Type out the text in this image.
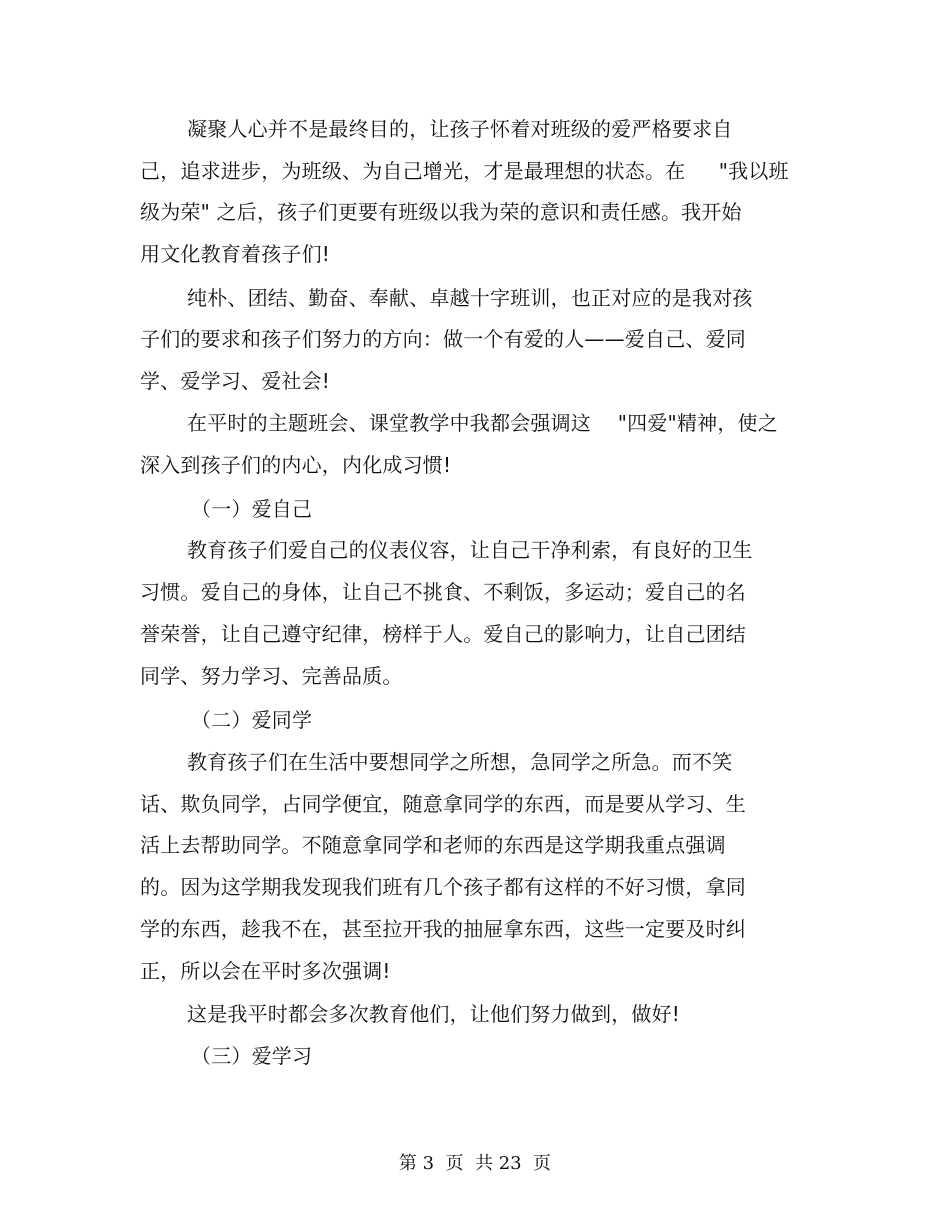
凝聚人心并不是最终目的，让孩子怀着对班级的爱严格要求自
己，追求进步，为班级、为自己增光，才是最理想的状态。在 　 "我以班
级为荣" 之后，孩子们更要有班级以我为荣的意识和责任感。我开始
用文化教育着孩子们!
纯朴、团结、勤奋、奉献、卓越十字班训，也正对应的是我对孩
子们的要求和孩子们努力的方向：做一个有爱的人——爱自己、爱同
学、爱学习、爱社会!
在平时的主题班会、课堂教学中我都会强调这 　"四爱"精神，使之
深入到孩子们的内心，内化成习惯!
（一）爱自己
教育孩子们爱自己的仪表仪容，让自己干净利索，有良好的卫生
习惯。爱自己的身体，让自己不挑食、不剩饭，多运动；爱自己的名
誉荣誉，让自己遵守纪律，榜样于人。爱自己的影响力，让自己团结
同学、努力学习、完善品质。
（二）爱同学
教育孩子们在生活中要想同学之所想，急同学之所急。而不笑
话、欺负同学，占同学便宜，随意拿同学的东西，而是要从学习、生
活上去帮助同学。不随意拿同学和老师的东西是这学期我重点强调
的。因为这学期我发现我们班有几个孩子都有这样的不好习惯，拿同
学的东西，趁我不在，甚至拉开我的抽屉拿东西，这些一定要及时纠
正，所以会在平时多次强调!
这是我平时都会多次教育他们，让他们努力做到，做好!
（三）爱学习
第 3  页  共 23  页
